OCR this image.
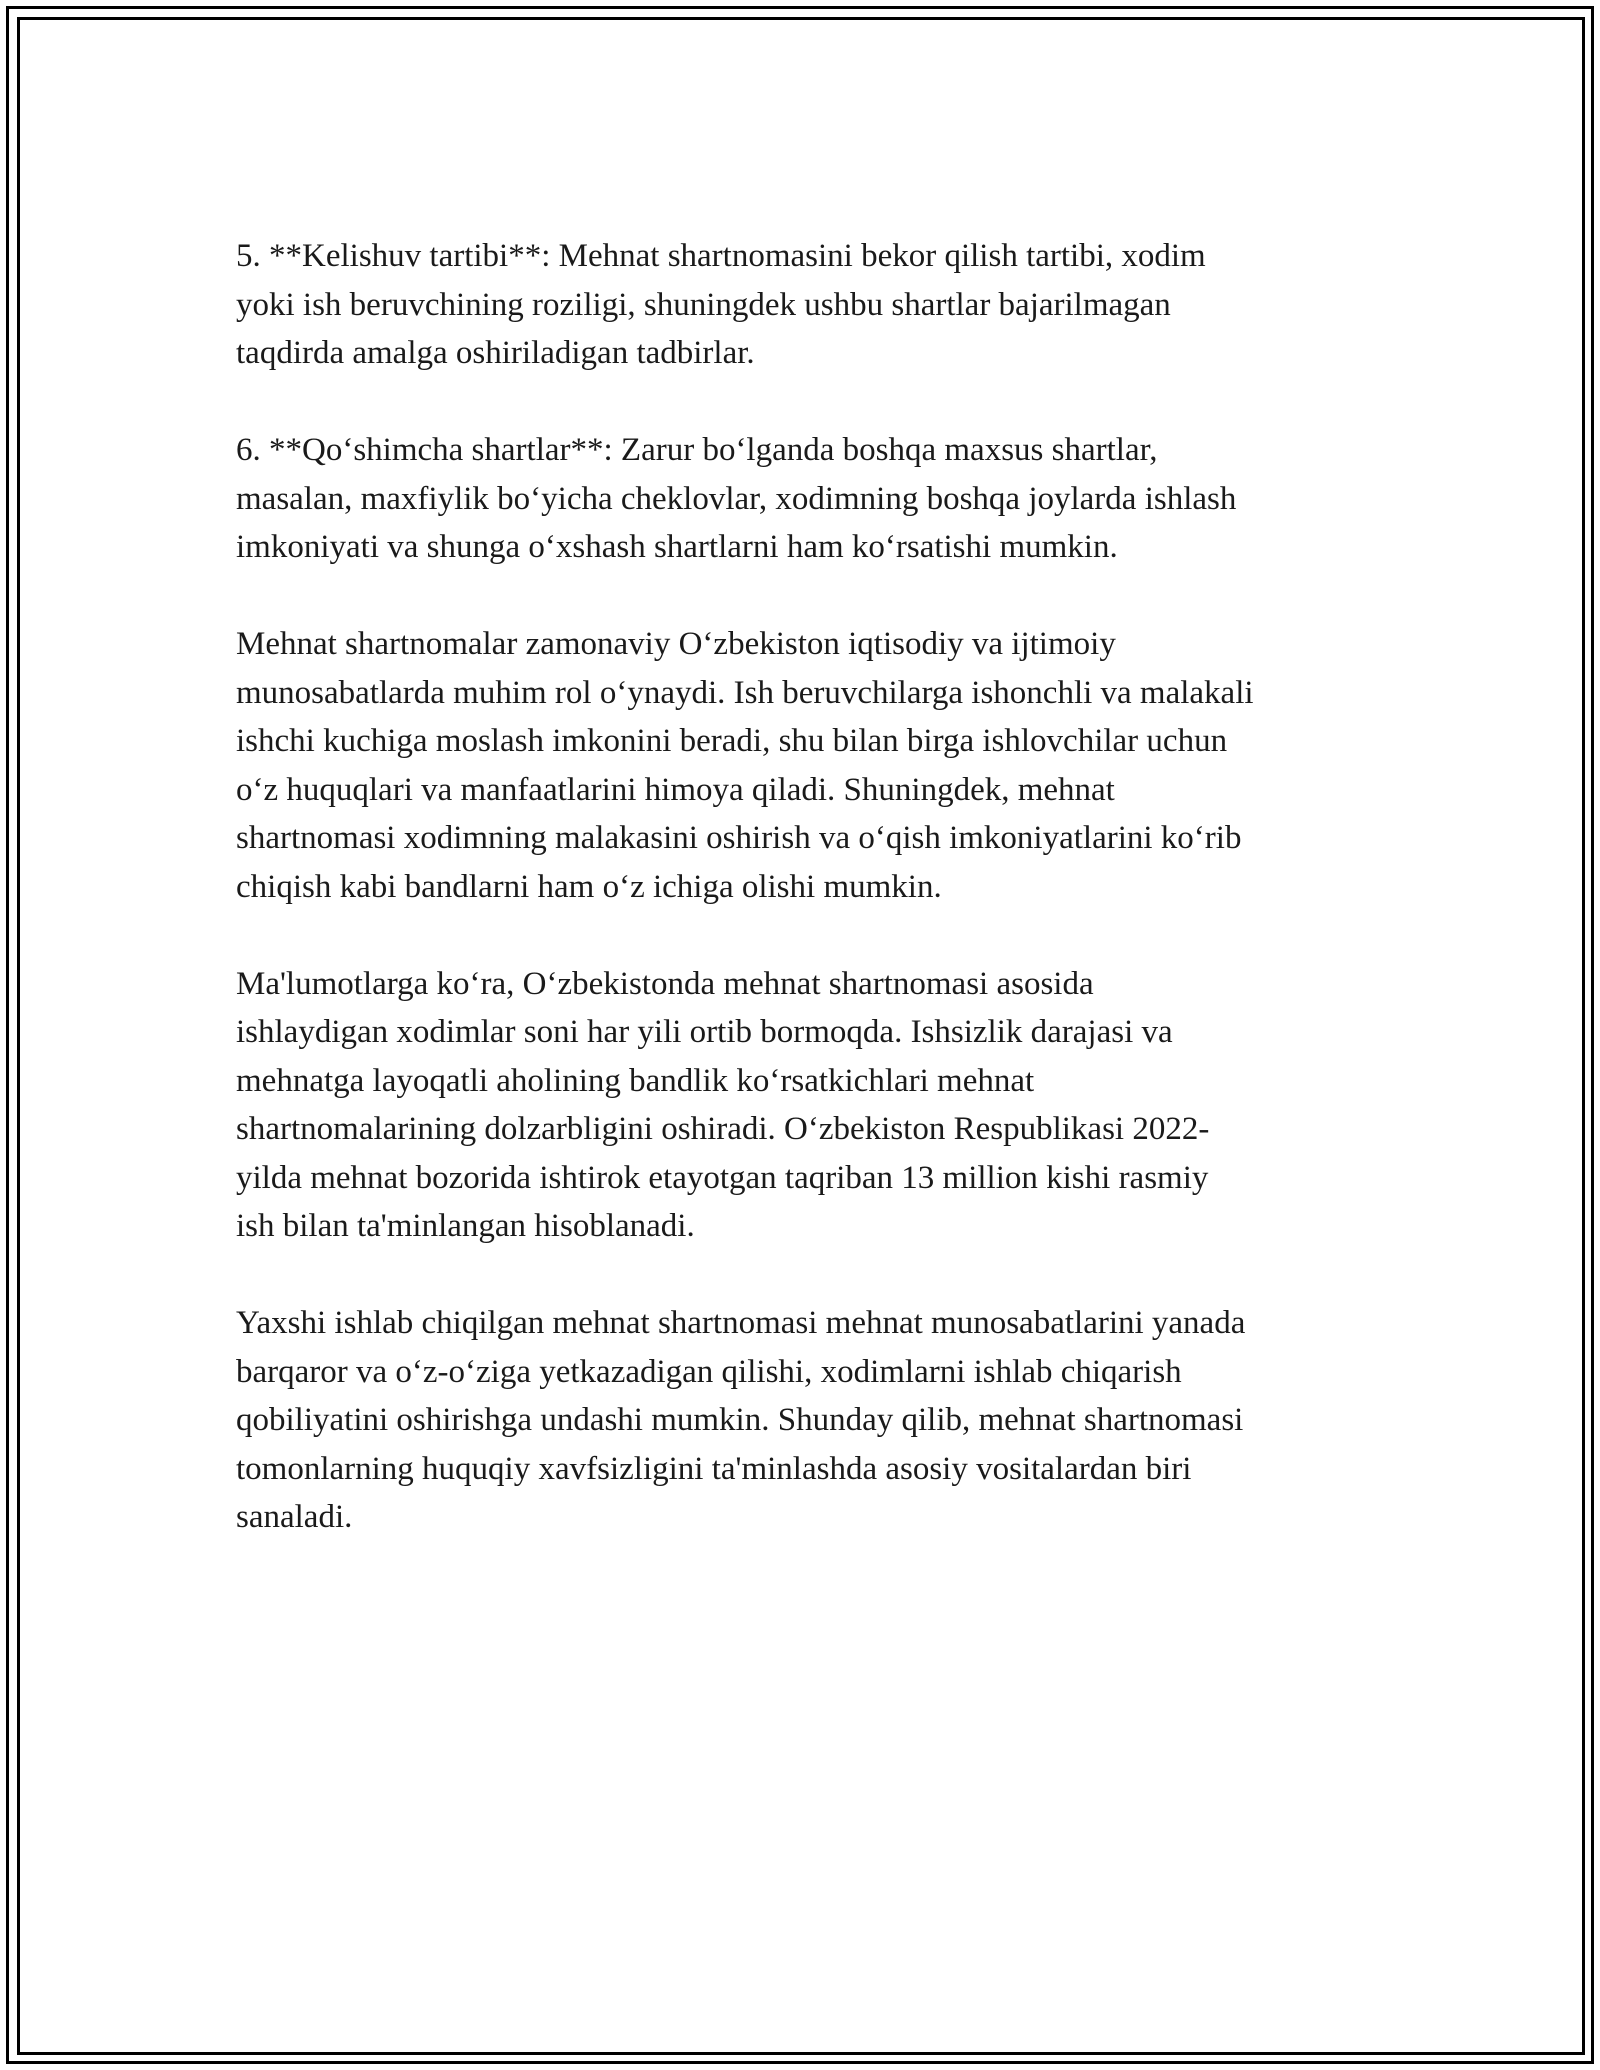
5. **Kelishuv tartibi**: Mehnat shartnomasini bekor qilish tartibi, xodim
yoki ish beruvchining roziligi, shuningdek ushbu shartlar bajarilmagan
taqdirda amalga oshiriladigan tadbirlar.

6. **Qo‘shimcha shartlar**: Zarur bo‘lganda boshqa maxsus shartlar,
masalan, maxfiylik bo‘yicha cheklovlar, xodimning boshqa joylarda ishlash
imkoniyati va shunga o‘xshash shartlarni ham ko‘rsatishi mumkin.

Mehnat shartnomalar zamonaviy O‘zbekiston iqtisodiy va ijtimoiy
munosabatlarda muhim rol o‘ynaydi. Ish beruvchilarga ishonchli va malakali
ishchi kuchiga moslash imkonini beradi, shu bilan birga ishlovchilar uchun
o‘z huquqlari va manfaatlarini himoya qiladi. Shuningdek, mehnat
shartnomasi xodimning malakasini oshirish va o‘qish imkoniyatlarini ko‘rib
chiqish kabi bandlarni ham o‘z ichiga olishi mumkin.

Ma'lumotlarga ko‘ra, O‘zbekistonda mehnat shartnomasi asosida
ishlaydigan xodimlar soni har yili ortib bormoqda. Ishsizlik darajasi va
mehnatga layoqatli aholining bandlik ko‘rsatkichlari mehnat
shartnomalarining dolzarbligini oshiradi. O‘zbekiston Respublikasi 2022-
yilda mehnat bozorida ishtirok etayotgan taqriban 13 million kishi rasmiy
ish bilan ta'minlangan hisoblanadi.

Yaxshi ishlab chiqilgan mehnat shartnomasi mehnat munosabatlarini yanada
barqaror va o‘z-o‘ziga yetkazadigan qilishi, xodimlarni ishlab chiqarish
qobiliyatini oshirishga undashi mumkin. Shunday qilib, mehnat shartnomasi
tomonlarning huquqiy xavfsizligini ta'minlashda asosiy vositalardan biri
sanaladi.
